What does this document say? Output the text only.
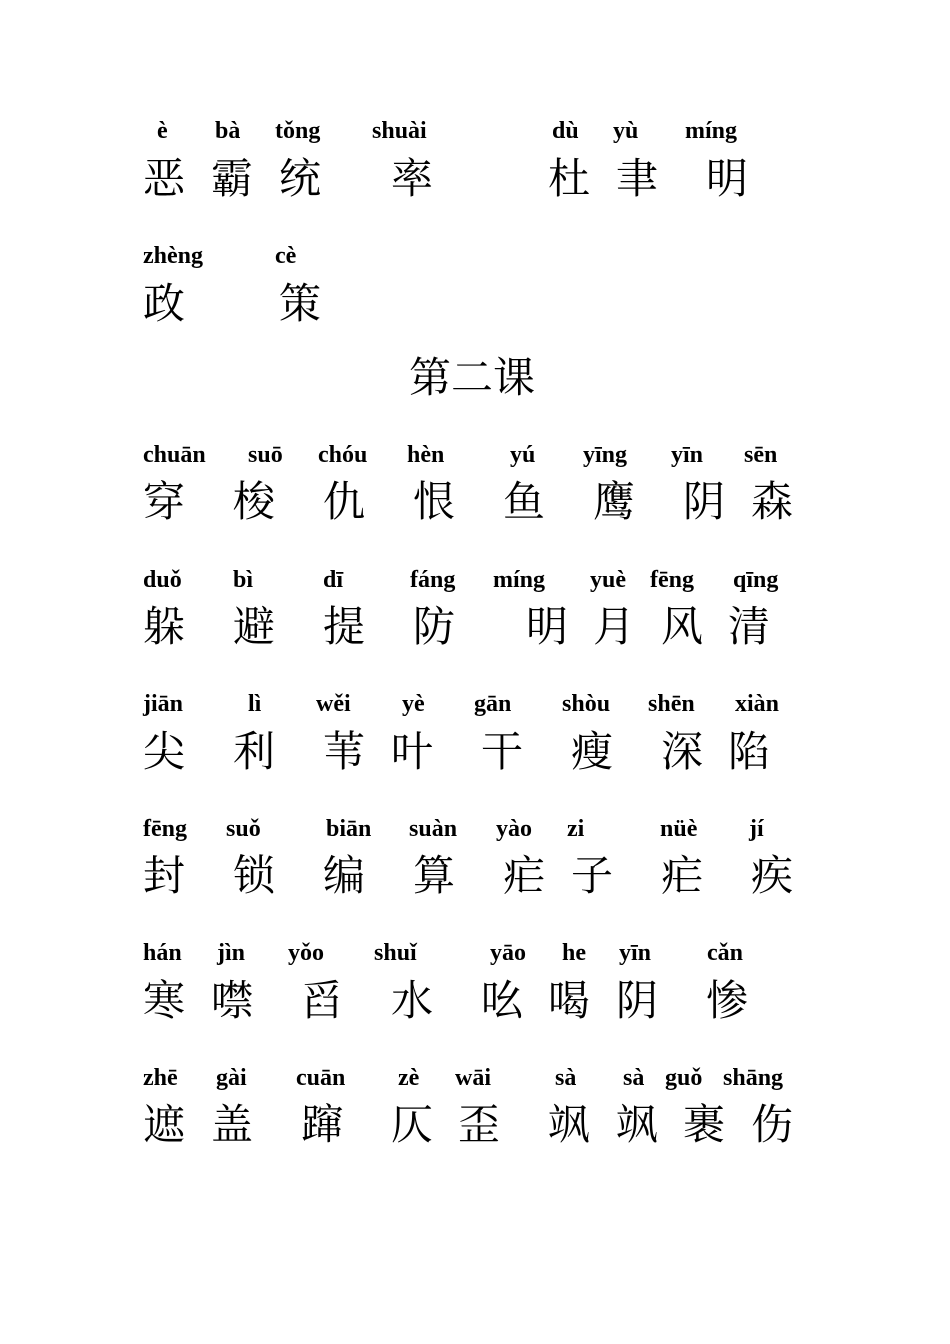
è bà tǒng shuài	dù yù míng
恶 霸 统 率	杜 聿 明
zhèng	cè
政 策
第二课
chuān suō chóu hèn	yú yīng yīn sēn
穿 梭 仇 恨 鱼 鹰 阴 森
duǒ bì	dī	fáng míng yuè fēng qīng
躲 避 提 防 明 月 风 清
jiān	lì wěi yè gān shòu shēn xiàn
尖 利 苇 叶 干 瘦 深 陷
fēng suǒ	biān suàn yào zi	nüè jí
封 锁 编 算 疟 子 疟 疾
hán jìn yǒo shuǐ	yāo he yīn cǎn
寒 噤 舀 水 吆 喝 阴 惨
zhē gài cuān zè wāi	sà sà guǒ shāng
遮 盖 蹿 仄 歪 飒 飒 裹 伤
